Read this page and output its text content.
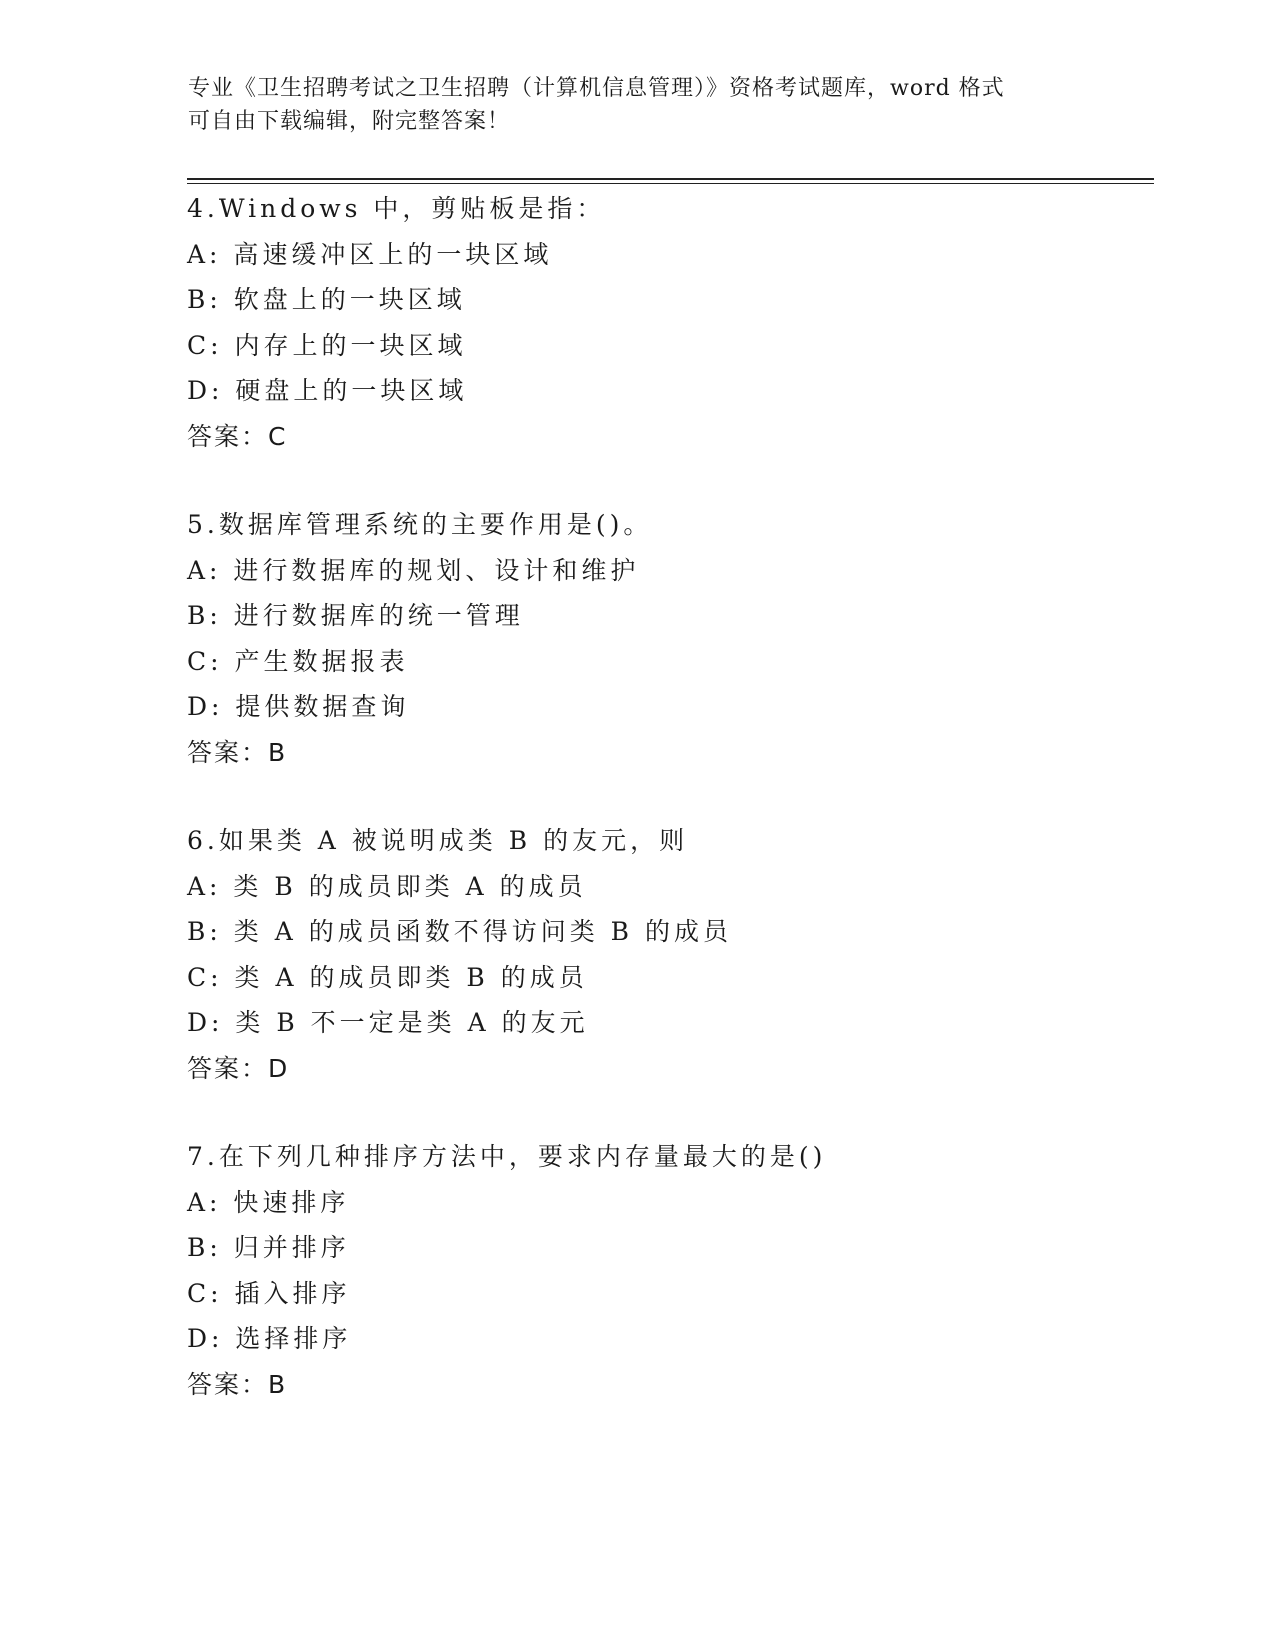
专业《卫生招聘考试之卫生招聘（计算机信息管理）》资格考试题库，word 格式
可自由下载编辑，附完整答案！
4.Windows 中，剪贴板是指：
A: 高速缓冲区上的一块区域
B: 软盘上的一块区域
C: 内存上的一块区域
D: 硬盘上的一块区域
答案：C
5.数据库管理系统的主要作用是()。
A: 进行数据库的规划、设计和维护
B: 进行数据库的统一管理
C: 产生数据报表
D: 提供数据查询
答案：B
6.如果类 A 被说明成类 B 的友元，则
A: 类 B 的成员即类 A 的成员
B: 类 A 的成员函数不得访问类 B 的成员
C: 类 A 的成员即类 B 的成员
D: 类 B 不一定是类 A 的友元
答案：D
7.在下列几种排序方法中，要求内存量最大的是()
A: 快速排序
B: 归并排序
C: 插入排序
D: 选择排序
答案：B
